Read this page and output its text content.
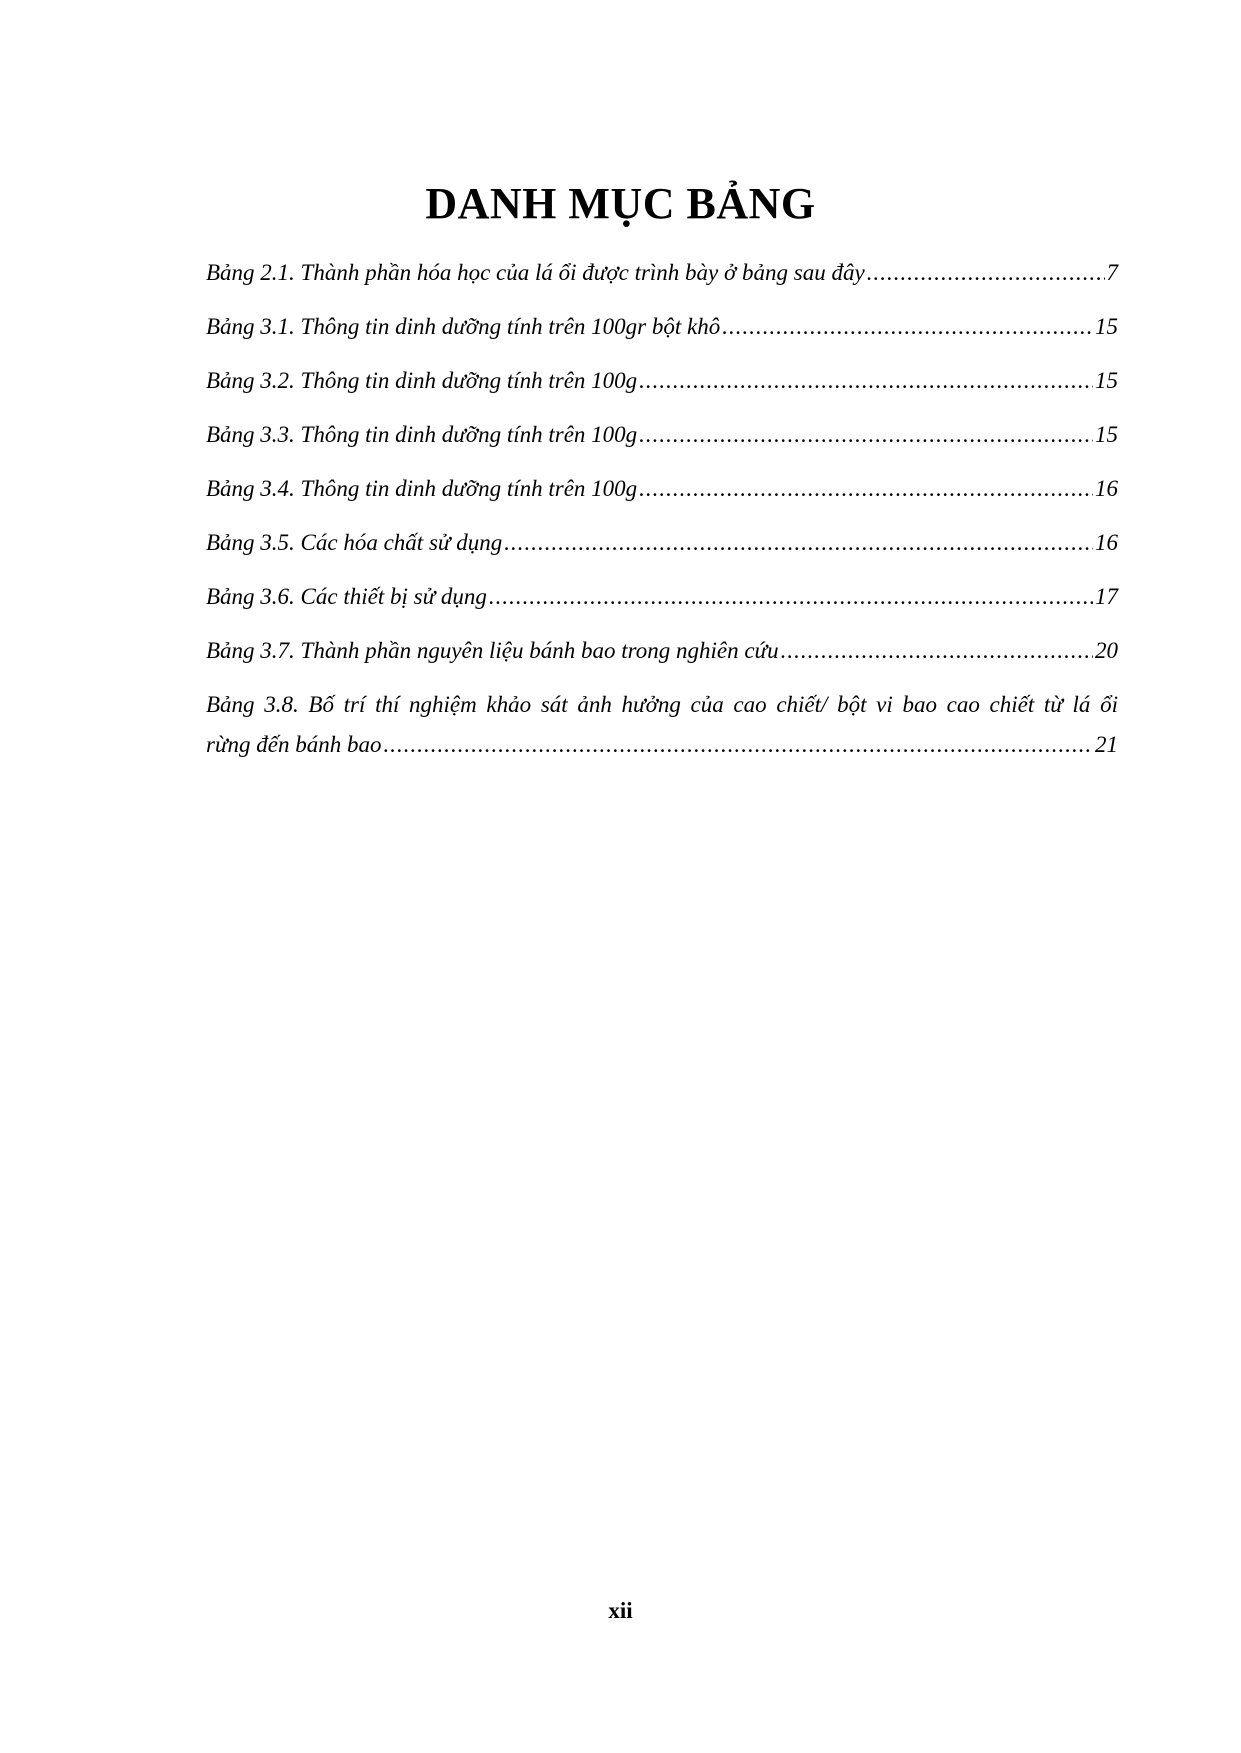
DANH MỤC BẢNG
Bảng 2.1. Thành phần hóa học của lá ổi được trình bày ở bảng sau đây .....	7
Bảng 3.1. Thông tin dinh dưỡng tính trên 100gr bột khô .....	15
Bảng 3.2. Thông tin dinh dưỡng tính trên 100g .....	15
Bảng 3.3. Thông tin dinh dưỡng tính trên 100g .....	15
Bảng 3.4. Thông tin dinh dưỡng tính trên 100g .....	16
Bảng 3.5. Các hóa chất sử dụng .....	16
Bảng 3.6. Các thiết bị sử dụng .....	17
Bảng 3.7. Thành phần nguyên liệu bánh bao trong nghiên cứu .....	20
Bảng 3.8. Bố trí thí nghiệm khảo sát ảnh hưởng của cao chiết/ bột vi bao cao chiết từ lá ổi
rừng đến bánh bao .....	21
xii
